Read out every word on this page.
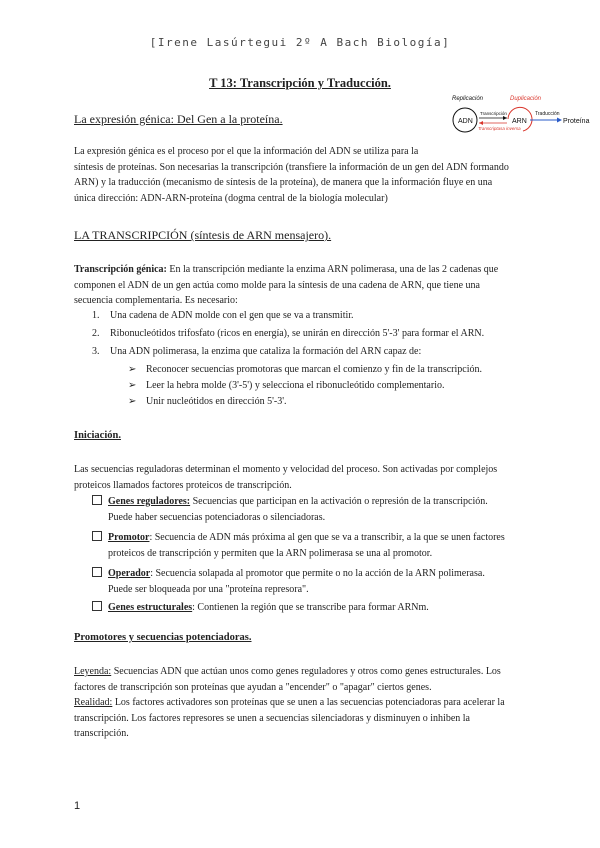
[Irene Lasúrtegui 2º A Bach Biología]
T 13: Transcripción y Traducción.
Replicación	Duplicación
ADN	ARN
Transcripción
Transcriptasa inversa
Traducción
Proteína
La expresión génica: Del Gen a la proteína.
La expresión génica es el proceso por el que la información del ADN se utiliza para la
síntesis de proteínas. Son necesarias la transcripción (transfiere la información de un gen del ADN formando
ARN) y la traducción (mecanismo de síntesis de la proteína), de manera que la información fluye en una
única dirección: ADN-ARN-proteína (dogma central de la biología molecular)
LA TRANSCRIPCIÓN (síntesis de ARN mensajero).
Transcripción génica: En la transcripción mediante la enzima ARN polimerasa, una de las 2 cadenas que
componen el ADN de un gen actúa como molde para la síntesis de una cadena de ARN, que tiene una
secuencia complementaria. Es necesario:
1. Una cadena de ADN molde con el gen que se va a transmitir.
2. Ribonucleótidos trifosfato (ricos en energía), se unirán en dirección 5'-3' para formar el ARN.
3. Una ADN polimerasa, la enzima que cataliza la formación del ARN capaz de:
➢ Reconocer secuencias promotoras que marcan el comienzo y fin de la transcripción.
➢ Leer la hebra molde (3'-5') y selecciona el ribonucleótido complementario.
➢ Unir nucleótidos en dirección 5'-3'.
Iniciación.
Las secuencias reguladoras determinan el momento y velocidad del proceso. Son activadas por complejos
proteicos llamados factores proteicos de transcripción.
Genes reguladores: Secuencias que participan en la activación o represión de la transcripción.
Puede haber secuencias potenciadoras o silenciadoras.
Promotor: Secuencia de ADN más próxima al gen que se va a transcribir, a la que se unen factores
proteicos de transcripción y permiten que la ARN polimerasa se una al promotor.
Operador: Secuencia solapada al promotor que permite o no la acción de la ARN polimerasa.
Puede ser bloqueada por una "proteína represora".
Genes estructurales: Contienen la región que se transcribe para formar ARNm.
Promotores y secuencias potenciadoras.
Leyenda: Secuencias ADN que actúan unos como genes reguladores y otros como genes estructurales. Los
factores de transcripción son proteínas que ayudan a "encender" o "apagar" ciertos genes.
Realidad: Los factores activadores son proteínas que se unen a las secuencias potenciadoras para acelerar la
transcripción. Los factores represores se unen a secuencias silenciadoras y disminuyen o inhiben la
transcripción.
1
